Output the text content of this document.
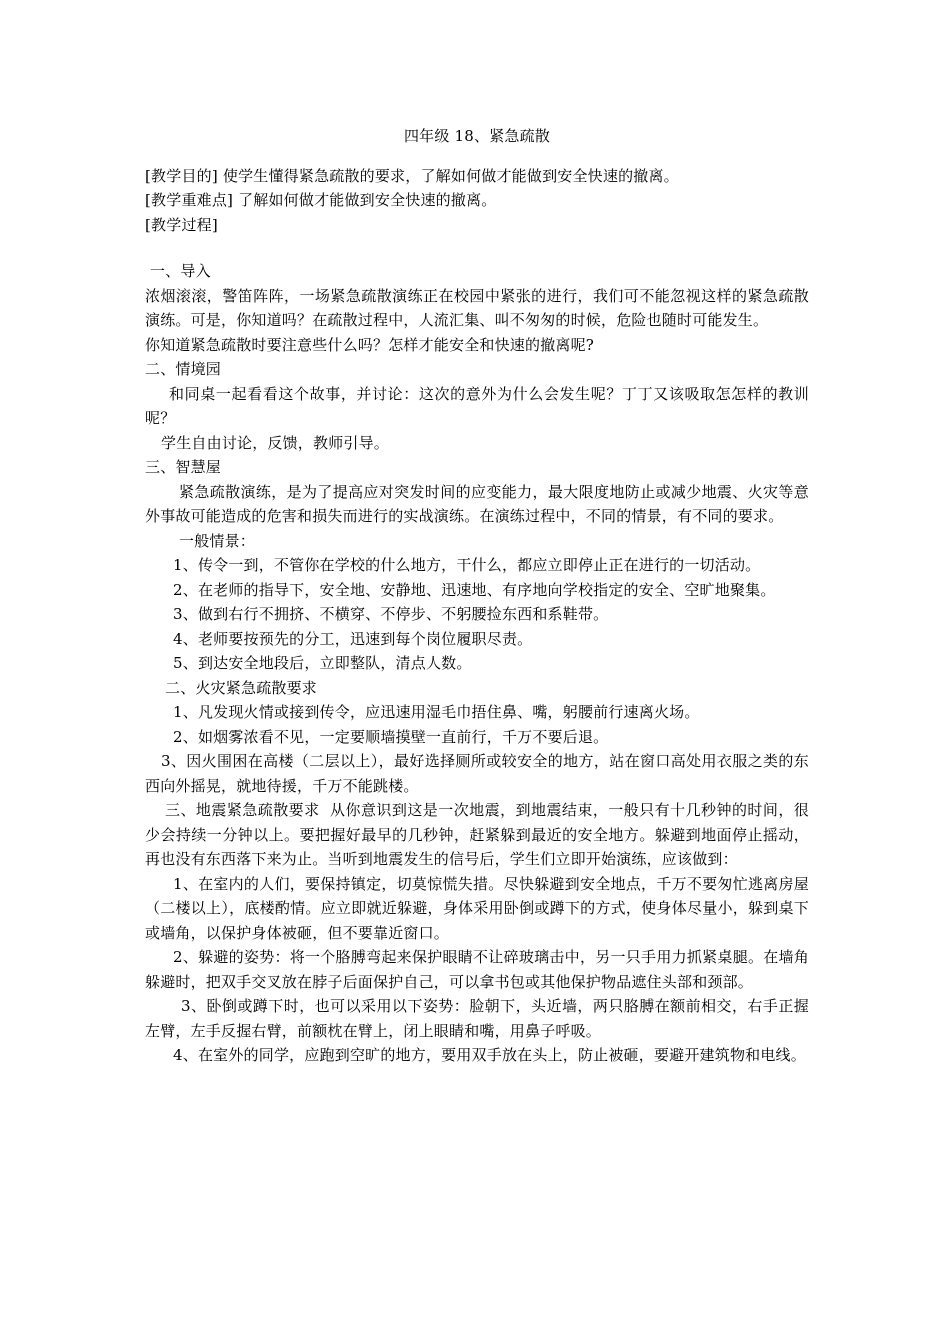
四年级 18、紧急疏散

[教学目的] 使学生懂得紧急疏散的要求，了解如何做才能做到安全快速的撤离。

[教学重难点] 了解如何做才能做到安全快速的撤离。

[教学过程]

一、导入

浓烟滚滚，警笛阵阵，一场紧急疏散演练正在校园中紧张的进行，我们可不能忽视这样的紧急疏散演练。可是，你知道吗？在疏散过程中，人流汇集、叫不匆匆的时候，危险也随时可能发生。

你知道紧急疏散时要注意些什么吗？怎样才能安全和快速的撤离呢?

二、情境园

和同桌一起看看这个故事，并讨论：这次的意外为什么会发生呢？丁丁又该吸取怎怎样的教训呢？

学生自由讨论，反馈，教师引导。

三、智慧屋

紧急疏散演练，是为了提高应对突发时间的应变能力，最大限度地防止或减少地震、火灾等意外事故可能造成的危害和损失而进行的实战演练。在演练过程中，不同的情景，有不同的要求。

一般情景：

1、传令一到，不管你在学校的什么地方，干什么，都应立即停止正在进行的一切活动。

2、在老师的指导下，安全地、安静地、迅速地、有序地向学校指定的安全、空旷地聚集。

3、做到右行不拥挤、不横穿、不停步、不躬腰捡东西和系鞋带。

4、老师要按预先的分工，迅速到每个岗位履职尽责。

5、到达安全地段后，立即整队，清点人数。

二、火灾紧急疏散要求

1、凡发现火情或接到传令，应迅速用湿毛巾捂住鼻、嘴，躬腰前行速离火场。

2、如烟雾浓看不见，一定要顺墙摸壁一直前行，千万不要后退。

3、因火围困在高楼（二层以上），最好选择厕所或较安全的地方，站在窗口高处用衣服之类的东西向外摇晃，就地待援，千万不能跳楼。

三、地震紧急疏散要求  从你意识到这是一次地震，到地震结束，一般只有十几秒钟的时间，很少会持续一分钟以上。要把握好最早的几秒钟，赶紧躲到最近的安全地方。躲避到地面停止摇动，再也没有东西落下来为止。当听到地震发生的信号后，学生们立即开始演练，应该做到：

1、在室内的人们，要保持镇定，切莫惊慌失措。尽快躲避到安全地点，千万不要匆忙逃离房屋（二楼以上），底楼酌情。应立即就近躲避，身体采用卧倒或蹲下的方式，使身体尽量小，躲到桌下或墙角，以保护身体被砸，但不要靠近窗口。

2、躲避的姿势：将一个胳膊弯起来保护眼睛不让碎玻璃击中，另一只手用力抓紧桌腿。在墙角躲避时，把双手交叉放在脖子后面保护自己，可以拿书包或其他保护物品遮住头部和颈部。

3、卧倒或蹲下时，也可以采用以下姿势：脸朝下，头近墙，两只胳膊在额前相交，右手正握左臂，左手反握右臂，前额枕在臂上，闭上眼睛和嘴，用鼻子呼吸。

4、在室外的同学，应跑到空旷的地方，要用双手放在头上，防止被砸，要避开建筑物和电线。
